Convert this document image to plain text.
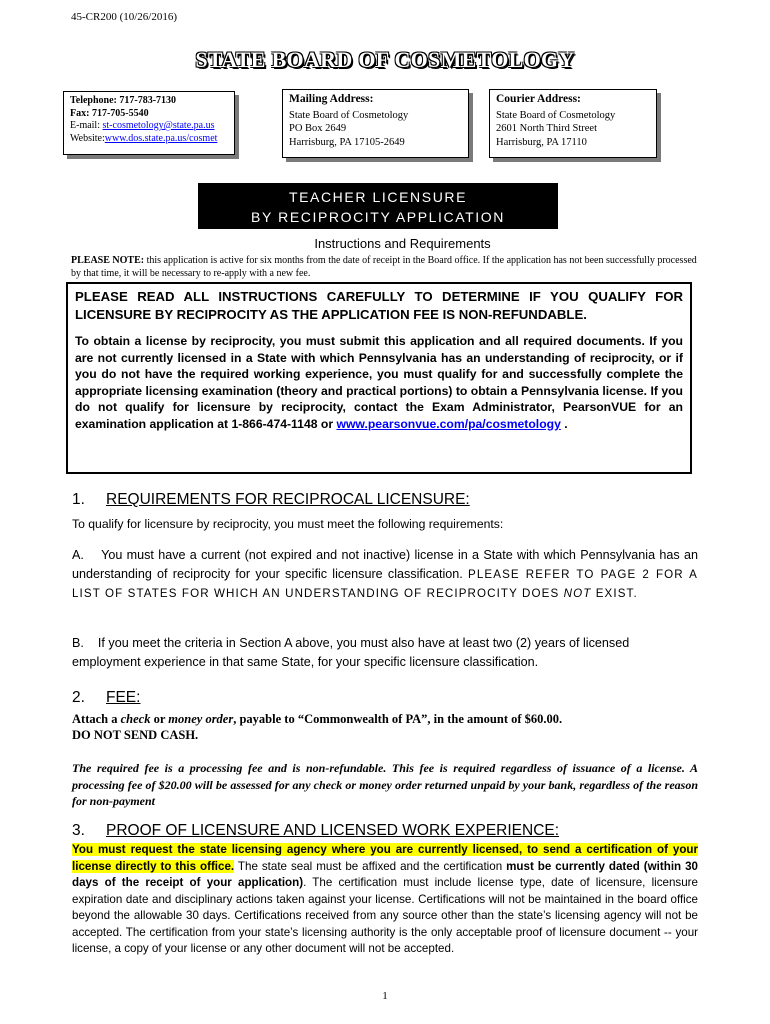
45-CR200 (10/26/2016)
STATE BOARD OF COSMETOLOGY
Telephone: 717-783-7130
Fax: 717-705-5540
E-mail: st-cosmetology@state.pa.us
Website:www.dos.state.pa.us/cosmet
Mailing Address:
State Board of Cosmetology
PO Box 2649
Harrisburg, PA 17105-2649
Courier Address:
State Board of Cosmetology
2601 North Third Street
Harrisburg, PA 17110
TEACHER LICENSURE
BY RECIPROCITY APPLICATION
Instructions and Requirements
PLEASE NOTE: this application is active for six months from the date of receipt in the Board office. If the application has not been successfully processed by that time, it will be necessary to re-apply with a new fee.

PLEASE READ ALL INSTRUCTIONS CAREFULLY TO DETERMINE IF YOU QUALIFY FOR LICENSURE BY RECIPROCITY AS THE APPLICATION FEE IS NON-REFUNDABLE.

To obtain a license by reciprocity, you must submit this application and all required documents. If you are not currently licensed in a State with which Pennsylvania has an understanding of reciprocity, or if you do not have the required working experience, you must qualify for and successfully complete the appropriate licensing examination (theory and practical portions) to obtain a Pennsylvania license. If you do not qualify for licensure by reciprocity, contact the Exam Administrator, PearsonVUE for an examination application at 1-866-474-1148 or www.pearsonvue.com/pa/cosmetology .

1. REQUIREMENTS FOR RECIPROCAL LICENSURE:
To qualify for licensure by reciprocity, you must meet the following requirements:
A. You must have a current (not expired and not inactive) license in a State with which Pennsylvania has an understanding of reciprocity for your specific licensure classification. PLEASE REFER TO PAGE 2 FOR A LIST OF STATES FOR WHICH AN UNDERSTANDING OF RECIPROCITY DOES NOT EXIST.
B. If you meet the criteria in Section A above, you must also have at least two (2) years of licensed employment experience in that same State, for your specific licensure classification.
2. FEE:
Attach a check or money order, payable to “Commonwealth of PA”, in the amount of $60.00.
DO NOT SEND CASH.
The required fee is a processing fee and is non-refundable. This fee is required regardless of issuance of a license. A processing fee of $20.00 will be assessed for any check or money order returned unpaid by your bank, regardless of the reason for non-payment
3. PROOF OF LICENSURE AND LICENSED WORK EXPERIENCE:
You must request the state licensing agency where you are currently licensed, to send a certification of your license directly to this office. The state seal must be affixed and the certification must be currently dated (within 30 days of the receipt of your application). The certification must include license type, date of licensure, licensure expiration date and disciplinary actions taken against your license. Certifications will not be maintained in the board office beyond the allowable 30 days. Certifications received from any source other than the state’s licensing agency will not be accepted. The certification from your state’s licensing authority is the only acceptable proof of licensure document -- your license, a copy of your license or any other document will not be accepted.
1
